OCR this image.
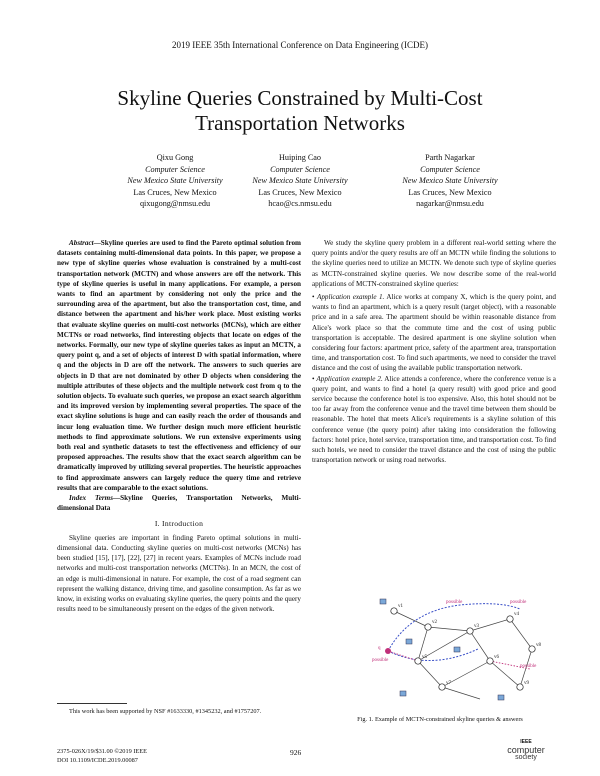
2019 IEEE 35th International Conference on Data Engineering (ICDE)
Skyline Queries Constrained by Multi-Cost Transportation Networks
Qixu Gong
Computer Science
New Mexico State University
Las Cruces, New Mexico
qixugong@nmsu.edu
Huiping Cao
Computer Science
New Mexico State University
Las Cruces, New Mexico
hcao@cs.nmsu.edu
Parth Nagarkar
Computer Science
New Mexico State University
Las Cruces, New Mexico
nagarkar@nmsu.edu

Abstract—Skyline queries are used to find the Pareto optimal solution from datasets containing multi-dimensional data points. In this paper, we propose a new type of skyline queries whose evaluation is constrained by a multi-cost transportation network (MCTN) and whose answers are off the network. This type of skyline queries is useful in many applications. For example, a person wants to find an apartment by considering not only the price and the surrounding area of the apartment, but also the transportation cost, time, and distance between the apartment and his/her work place. Most existing works that evaluate skyline queries on multi-cost networks (MCNs), which are either MCTNs or road networks, find interesting objects that locate on edges of the networks. Formally, our new type of skyline queries takes as input an MCTN, a query point q, and a set of objects of interest D with spatial information, where q and the objects in D are off the network. The answers to such queries are objects in D that are not dominated by other D objects when considering the multiple attributes of these objects and the multiple network cost from q to the solution objects. To evaluate such queries, we propose an exact search algorithm and its improved version by implementing several properties. The space of the exact skyline solutions is huge and can easily reach the order of thousands and incur long evaluation time. We further design much more efficient heuristic methods to find approximate solutions. We run extensive experiments using both real and synthetic datasets to test the effectiveness and efficiency of our proposed approaches. The results show that the exact search algorithm can be dramatically improved by utilizing several properties. The heuristic approaches to find approximate answers can largely reduce the query time and retrieve results that are comparable to the exact solutions.

Index Terms—Skyline Queries, Transportation Networks, Multi-dimensional Data

I. Introduction

Skyline queries are important in finding Pareto optimal solutions in multi-dimensional data. Conducting skyline queries on multi-cost networks (MCNs) has been studied [15], [17], [22], [27] in recent years. Examples of MCNs include road networks and multi-cost transportation networks (MCTNs). In an MCN, the cost of an edge is multi-dimensional in nature. For example, the cost of a road segment can represent the walking distance, driving time, and gasoline consumption. As far as we know, in existing works on evaluating skyline queries, the query points and the query results need to be simultaneously present on the edges of the given network.

This work has been supported by NSF #1633330, #1345232, and #1757207.

We study the skyline query problem in a different real-world setting where the query points and/or the query results are off an MCTN while finding the solutions to the skyline queries need to utilize an MCTN. We denote such type of skyline queries as MCTN-constrained skyline queries. We now describe some of the real-world applications of MCTN-constrained skyline queries:

• Application example 1. Alice works at company X, which is the query point, and wants to find an apartment, which is a query result (target object), with a reasonable price and in a safe area. The apartment should be within reasonable distance from Alice's work place so that the commute time and the cost of using public transportation is acceptable. The desired apartment is one skyline solution when considering four factors: apartment price, safety of the apartment area, transportation time, and transportation cost. To find such apartments, we need to consider the travel distance and the cost of using the available public transportation network.

• Application example 2. Alice attends a conference, where the conference venue is a query point, and wants to find a hotel (a query result) with good price and good service because the conference hotel is too expensive. Also, this hotel should not be too far away from the conference venue and the travel time between them should be reasonable. The hotel that meets Alice's requirements is a skyline solution of this conference venue (the query point) after taking into consideration the following factors: hotel price, hotel service, transportation time, and transportation cost. To find such hotels, we need to consider the travel distance and the cost of using the public transportation network or using road networks.

v1
v2
v3
v4
v5	v6
v7
v8
v9
q
possible	possible
possible
possible
Fig. 1. Example of MCTN-constrained skyline queries & answers
2375-026X/19/$31.00 ©2019 IEEE
DOI 10.1109/ICDE.2019.00087
926
IEEE
computer
society
